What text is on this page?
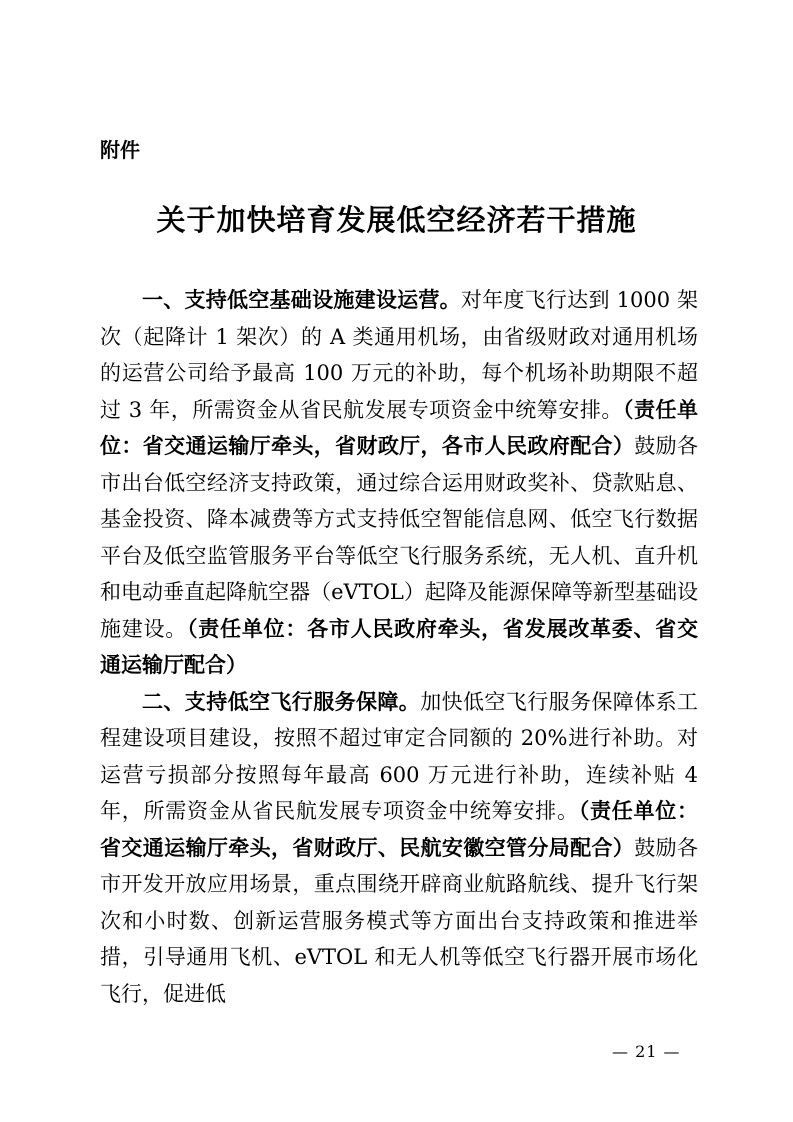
附件

关于加快培育发展低空经济若干措施

一、支持低空基础设施建设运营。对年度飞行达到 1000 架次（起降计 1 架次）的 A 类通用机场，由省级财政对通用机场的运营公司给予最高 100 万元的补助，每个机场补助期限不超过 3 年，所需资金从省民航发展专项资金中统筹安排。（责任单位：省交通运输厅牵头，省财政厅，各市人民政府配合）鼓励各市出台低空经济支持政策，通过综合运用财政奖补、贷款贴息、基金投资、降本减费等方式支持低空智能信息网、低空飞行数据平台及低空监管服务平台等低空飞行服务系统，无人机、直升机和电动垂直起降航空器（eVTOL）起降及能源保障等新型基础设施建设。（责任单位：各市人民政府牵头，省发展改革委、省交通运输厅配合）

二、支持低空飞行服务保障。加快低空飞行服务保障体系工程建设项目建设，按照不超过审定合同额的 20%进行补助。对运营亏损部分按照每年最高 600 万元进行补助，连续补贴 4 年，所需资金从省民航发展专项资金中统筹安排。（责任单位：省交通运输厅牵头，省财政厅、民航安徽空管分局配合）鼓励各市开发开放应用场景，重点围绕开辟商业航路航线、提升飞行架次和小时数、创新运营服务模式等方面出台支持政策和推进举措，引导通用飞机、eVTOL 和无人机等低空飞行器开展市场化飞行，促进低

— 21 —
